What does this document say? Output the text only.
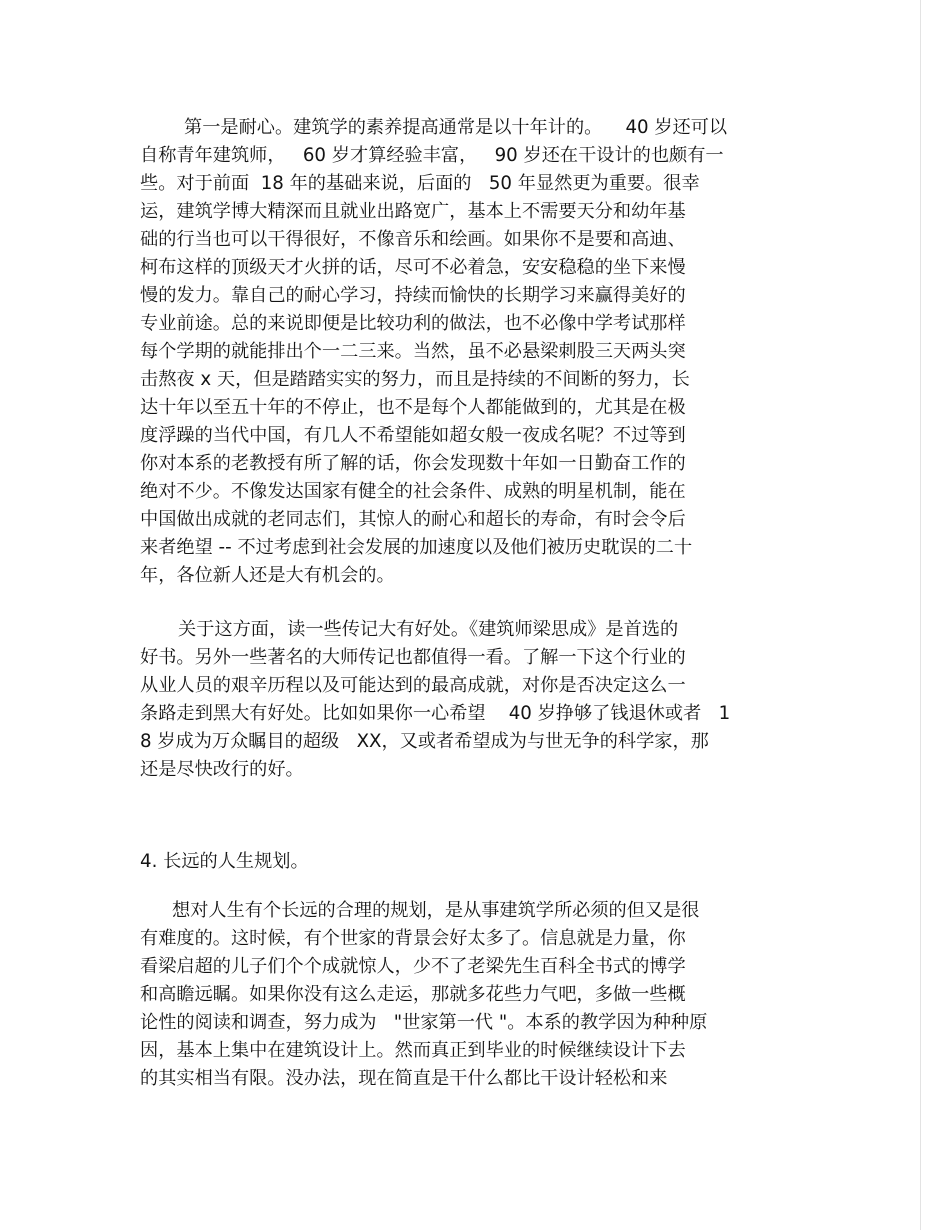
第一是耐心。建筑学的素养提高通常是以十年计的。    40 岁还可以
自称青年建筑师，   60 岁才算经验丰富，   90 岁还在干设计的也颇有一
些。对于前面  18 年的基础来说，后面的   50 年显然更为重要。很幸
运，建筑学博大精深而且就业出路宽广，基本上不需要天分和幼年基
础的行当也可以干得很好，不像音乐和绘画。如果你不是要和高迪、
柯布这样的顶级天才火拼的话，尽可不必着急，安安稳稳的坐下来慢
慢的发力。靠自己的耐心学习，持续而愉快的长期学习来赢得美好的
专业前途。总的来说即便是比较功利的做法，也不必像中学考试那样
每个学期的就能排出个一二三来。当然，虽不必悬梁刺股三天两头突
击熬夜 x 天，但是踏踏实实的努力，而且是持续的不间断的努力，长
达十年以至五十年的不停止，也不是每个人都能做到的，尤其是在极
度浮躁的当代中国，有几人不希望能如超女般一夜成名呢？不过等到
你对本系的老教授有所了解的话，你会发现数十年如一日勤奋工作的
绝对不少。不像发达国家有健全的社会条件、成熟的明星机制，能在
中国做出成就的老同志们，其惊人的耐心和超长的寿命，有时会令后
来者绝望 -- 不过考虑到社会发展的加速度以及他们被历史耽误的二十
年，各位新人还是大有机会的。
关于这方面，读一些传记大有好处。《建筑师梁思成》是首选的
好书。另外一些著名的大师传记也都值得一看。了解一下这个行业的
从业人员的艰辛历程以及可能达到的最高成就，对你是否决定这么一
条路走到黑大有好处。比如如果你一心希望    40 岁挣够了钱退休或者   1
8 岁成为万众瞩目的超级   XX，又或者希望成为与世无争的科学家，那
还是尽快改行的好。
4. 长远的人生规划。
想对人生有个长远的合理的规划，是从事建筑学所必须的但又是很
有难度的。这时候，有个世家的背景会好太多了。信息就是力量，你
看梁启超的儿子们个个成就惊人，少不了老梁先生百科全书式的博学
和高瞻远瞩。如果你没有这么走运，那就多花些力气吧，多做一些概
论性的阅读和调查，努力成为   "世家第一代 "。本系的教学因为种种原
因，基本上集中在建筑设计上。然而真正到毕业的时候继续设计下去
的其实相当有限。没办法，现在简直是干什么都比干设计轻松和来
